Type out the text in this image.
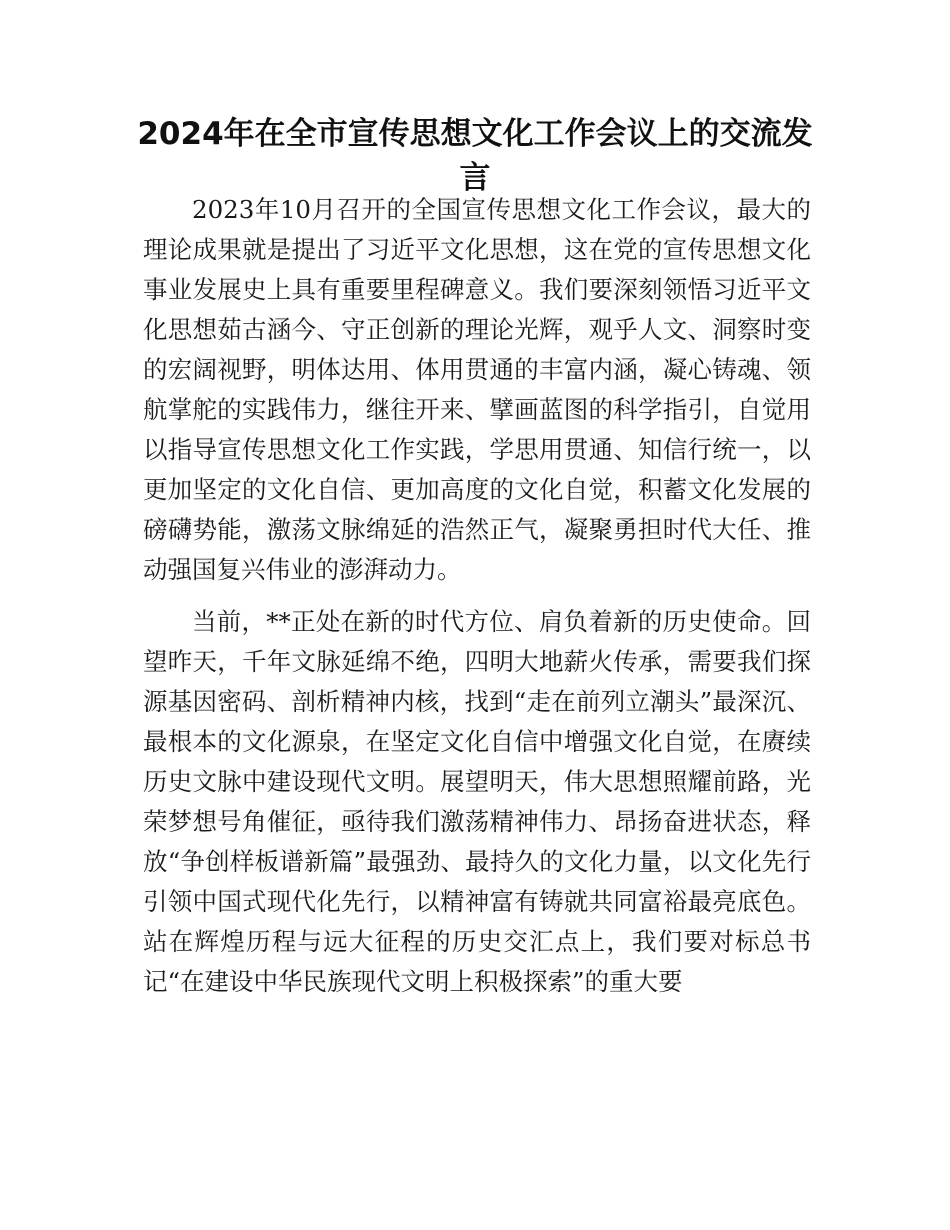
2024年在全市宣传思想文化工作会议上的交流发言

2023年10月召开的全国宣传思想文化工作会议，最大的理论成果就是提出了习近平文化思想，这在党的宣传思想文化事业发展史上具有重要里程碑意义。我们要深刻领悟习近平文化思想茹古涵今、守正创新的理论光辉，观乎人文、洞察时变的宏阔视野，明体达用、体用贯通的丰富内涵，凝心铸魂、领航掌舵的实践伟力，继往开来、擘画蓝图的科学指引，自觉用以指导宣传思想文化工作实践，学思用贯通、知信行统一，以更加坚定的文化自信、更加高度的文化自觉，积蓄文化发展的磅礴势能，激荡文脉绵延的浩然正气，凝聚勇担时代大任、推动强国复兴伟业的澎湃动力。

当前，**正处在新的时代方位、肩负着新的历史使命。回望昨天，千年文脉延绵不绝，四明大地薪火传承，需要我们探源基因密码、剖析精神内核，找到“走在前列立潮头”最深沉、最根本的文化源泉，在坚定文化自信中增强文化自觉，在赓续历史文脉中建设现代文明。展望明天，伟大思想照耀前路，光荣梦想号角催征，亟待我们激荡精神伟力、昂扬奋进状态，释放“争创样板谱新篇”最强劲、最持久的文化力量，以文化先行引领中国式现代化先行，以精神富有铸就共同富裕最亮底色。站在辉煌历程与远大征程的历史交汇点上，我们要对标总书记“在建设中华民族现代文明上积极探索”的重大要
